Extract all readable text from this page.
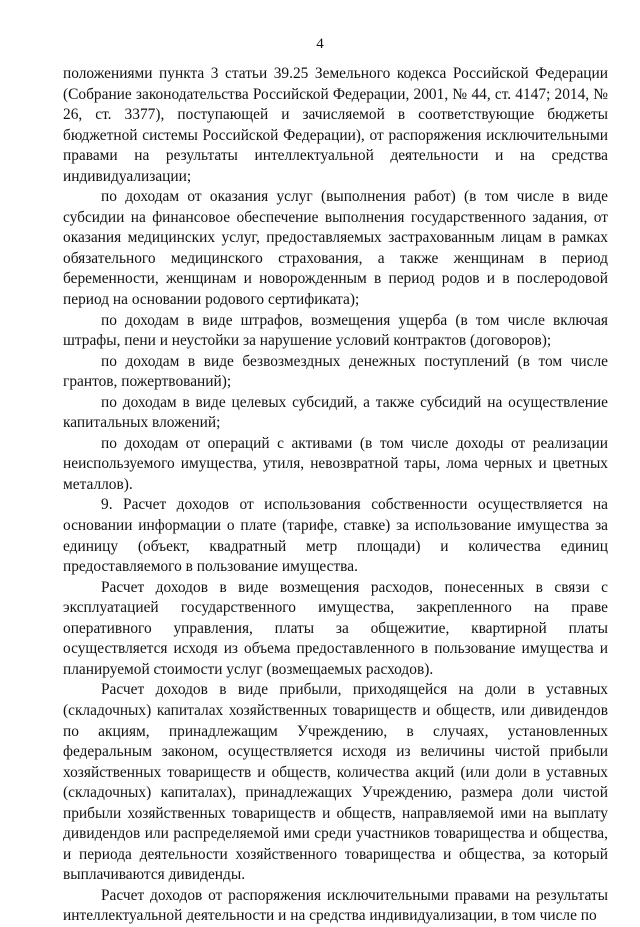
4

положениями пункта 3 статьи 39.25 Земельного кодекса Российской Федерации (Собрание законодательства Российской Федерации, 2001, № 44, ст. 4147; 2014, № 26, ст. 3377), поступающей и зачисляемой в соответствующие бюджеты бюджетной системы Российской Федерации), от распоряжения исключительными правами на результаты интеллектуальной деятельности и на средства индивидуализации;

по доходам от оказания услуг (выполнения работ) (в том числе в виде субсидии на финансовое обеспечение выполнения государственного задания, от оказания медицинских услуг, предоставляемых застрахованным лицам в рамках обязательного медицинского страхования, а также женщинам в период беременности, женщинам и новорожденным в период родов и в послеродовой период на основании родового сертификата);

по доходам в виде штрафов, возмещения ущерба (в том числе включая штрафы, пени и неустойки за нарушение условий контрактов (договоров);

по доходам в виде безвозмездных денежных поступлений (в том числе грантов, пожертвований);

по доходам в виде целевых субсидий, а также субсидий на осуществление капитальных вложений;

по доходам от операций с активами (в том числе доходы от реализации неиспользуемого имущества, утиля, невозвратной тары, лома черных и цветных металлов).

9. Расчет доходов от использования собственности осуществляется на основании информации о плате (тарифе, ставке) за использование имущества за единицу (объект, квадратный метр площади) и количества единиц предоставляемого в пользование имущества.

Расчет доходов в виде возмещения расходов, понесенных в связи с эксплуатацией государственного имущества, закрепленного на праве оперативного управления, платы за общежитие, квартирной платы осуществляется исходя из объема предоставленного в пользование имущества и планируемой стоимости услуг (возмещаемых расходов).

Расчет доходов в виде прибыли, приходящейся на доли в уставных (складочных) капиталах хозяйственных товариществ и обществ, или дивидендов по акциям, принадлежащим Учреждению, в случаях, установленных федеральным законом, осуществляется исходя из величины чистой прибыли хозяйственных товариществ и обществ, количества акций (или доли в уставных (складочных) капиталах), принадлежащих Учреждению, размера доли чистой прибыли хозяйственных товариществ и обществ, направляемой ими на выплату дивидендов или распределяемой ими среди участников товарищества и общества, и периода деятельности хозяйственного товарищества и общества, за который выплачиваются дивиденды.

Расчет доходов от распоряжения исключительными правами на результаты интеллектуальной деятельности и на средства индивидуализации, в том числе по
